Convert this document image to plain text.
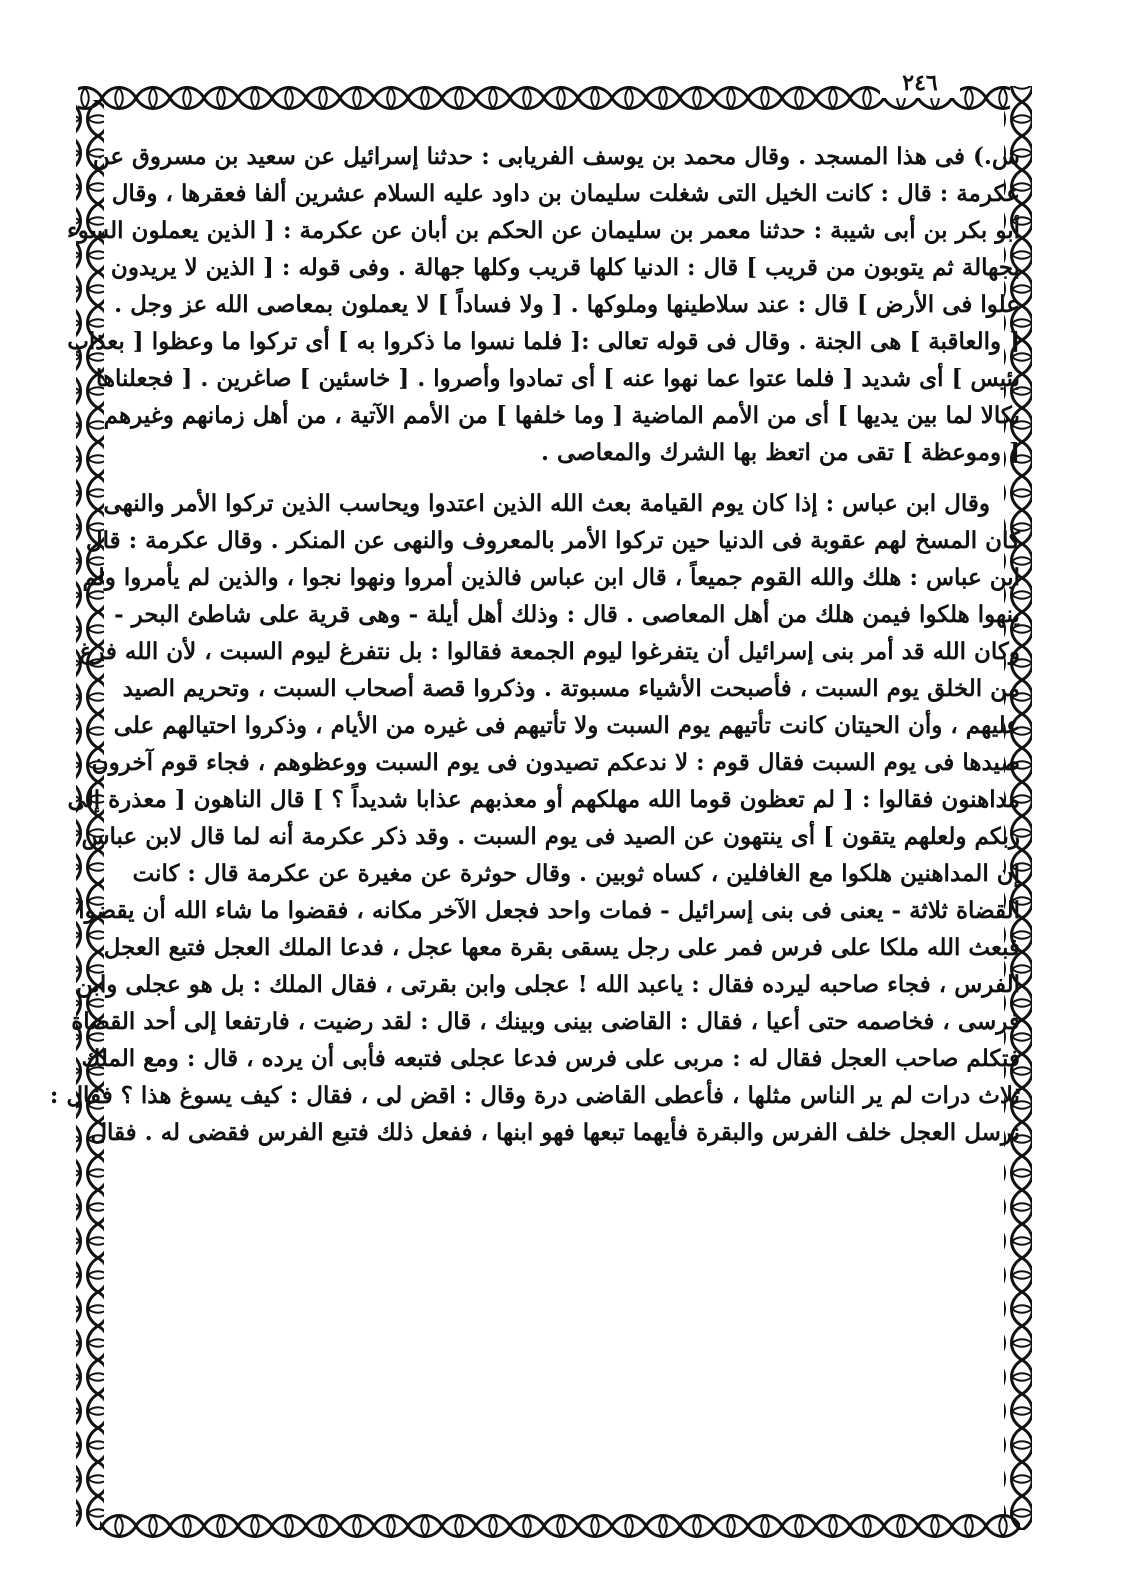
٢٤٦
س.) فى هذا المسجد . وقال محمد بن يوسف الفريابى : حدثنا إسرائيل عن سعيد بن مسروق عن
عكرمة : قال : كانت الخيل التى شغلت سليمان بن داود عليه السلام عشرين ألفا فعقرها ، وقال
أبو بكر بن أبى شيبة : حدثنا معمر بن سليمان عن الحكم بن أبان عن عكرمة : [ الذين يعملون السوء
بجهالة ثم يتوبون من قريب ] قال : الدنيا كلها قريب وكلها جهالة . وفى قوله : [ الذين لا يريدون
علوا فى الأرض ] قال : عند سلاطينها وملوكها . [ ولا فساداً ] لا يعملون بمعاصى الله عز وجل .
[ والعاقبة ] هى الجنة . وقال فى قوله تعالى :[ فلما نسوا ما ذكروا به ] أى تركوا ما وعظوا [ بعذاب
بئيس ] أى شديد [ فلما عتوا عما نهوا عنه ] أى تمادوا وأصروا . [ خاسئين ] صاغرين . [ فجعلناها
نكالا لما بين يديها ] أى من الأمم الماضية [ وما خلفها ] من الأمم الآتية ، من أهل زمانهم وغيرهم
[ وموعظة ] تقى من اتعظ بها الشرك والمعاصى .
وقال ابن عباس : إذا كان يوم القيامة بعث الله الذين اعتدوا ويحاسب الذين تركوا الأمر والنهى
كان المسخ لهم عقوبة فى الدنيا حين تركوا الأمر بالمعروف والنهى عن المنكر . وقال عكرمة : قال
ابن عباس : هلك والله القوم جميعاً ، قال ابن عباس فالذين أمروا ونهوا نجوا ، والذين لم يأمروا ولم
ينهوا هلكوا فيمن هلك من أهل المعاصى . قال : وذلك أهل أيلة - وهى قرية على شاطئ البحر -
وكان الله قد أمر بنى إسرائيل أن يتفرغوا ليوم الجمعة فقالوا : بل نتفرغ ليوم السبت ، لأن الله فرغ
من الخلق يوم السبت ، فأصبحت الأشياء مسبوتة . وذكروا قصة أصحاب السبت ، وتحريم الصيد
عليهم ، وأن الحيتان كانت تأتيهم يوم السبت ولا تأتيهم فى غيره من الأيام ، وذكروا احتيالهم على
صيدها فى يوم السبت فقال قوم : لا ندعكم تصيدون فى يوم السبت ووعظوهم ، فجاء قوم آخرون
مداهنون فقالوا : [ لم تعظون قوما الله مهلكهم أو معذبهم عذابا شديداً ؟ ] قال الناهون [ معذرة إلى
ربكم ولعلهم يتقون ] أى ينتهون عن الصيد فى يوم السبت . وقد ذكر عكرمة أنه لما قال لابن عباس
إن المداهنين هلكوا مع الغافلين ، كساه ثوبين . وقال حوثرة عن مغيرة عن عكرمة قال : كانت
القضاة ثلاثة - يعنى فى بنى إسرائيل - فمات واحد فجعل الآخر مكانه ، فقضوا ما شاء الله أن يقضوا
فبعث الله ملكا على فرس فمر على رجل يسقى بقرة معها عجل ، فدعا الملك العجل فتبع العجل
الفرس ، فجاء صاحبه ليرده فقال : ياعبد الله ! عجلى وابن بقرتى ، فقال الملك : بل هو عجلى وابن
فرسى ، فخاصمه حتى أعيا ، فقال : القاضى بينى وبينك ، قال : لقد رضيت ، فارتفعا إلى أحد القضاة
فتكلم صاحب العجل فقال له : مربى على فرس فدعا عجلى فتبعه فأبى أن يرده ، قال : ومع الملك
ثلاث درات لم ير الناس مثلها ، فأعطى القاضى درة وقال : اقض لى ، فقال : كيف يسوغ هذا ؟ فقال :
نرسل العجل خلف الفرس والبقرة فأيهما تبعها فهو ابنها ، ففعل ذلك فتبع الفرس فقضى له . فقال
